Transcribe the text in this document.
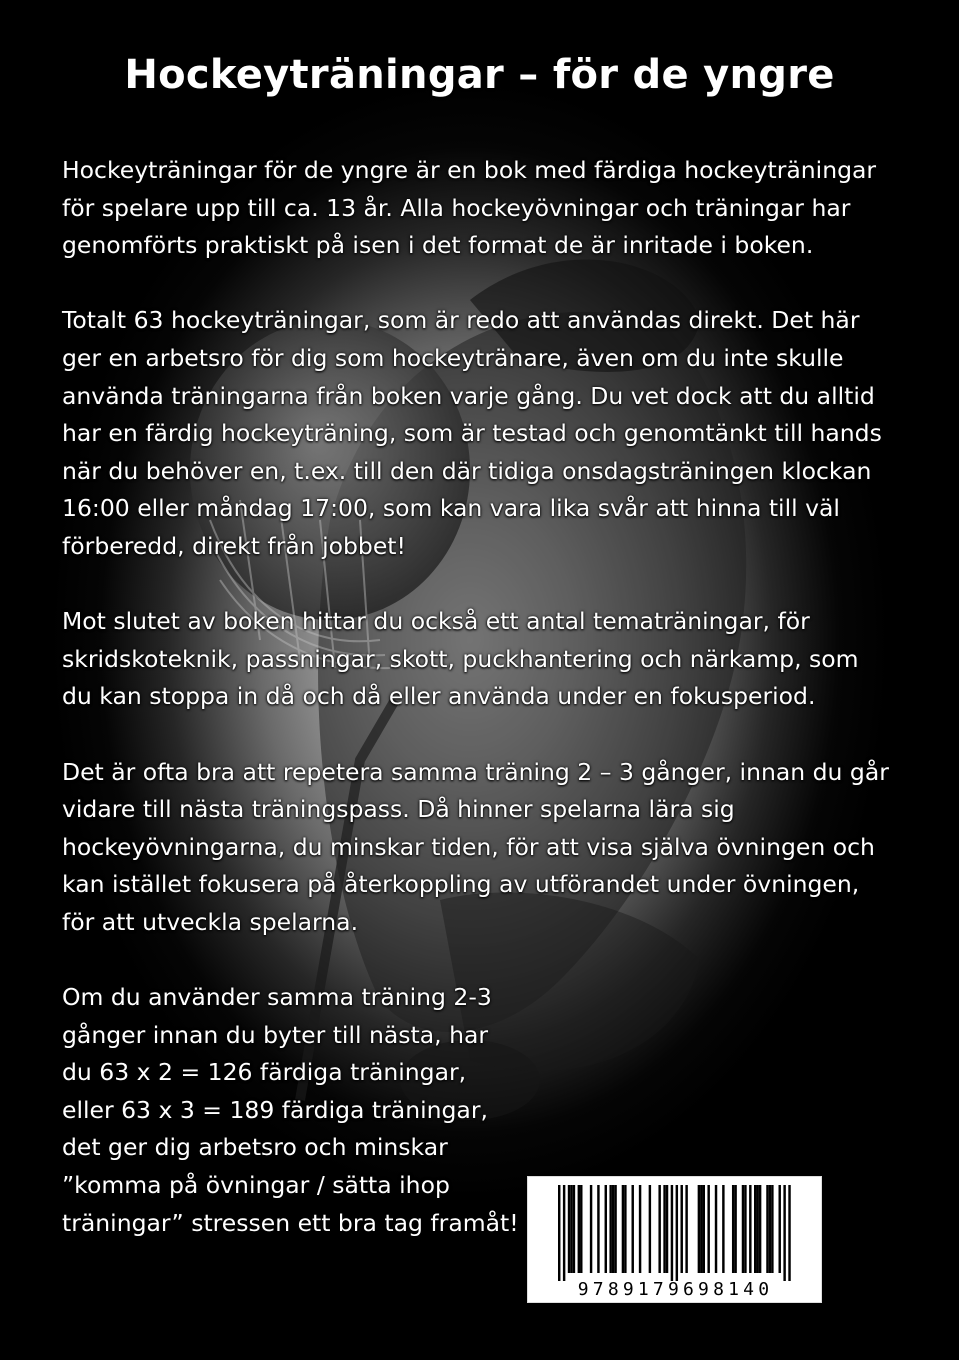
Hockeyträningar – för de yngre

Hockeyträningar för de yngre är en bok med färdiga hockeyträningar för spelare upp till ca. 13 år. Alla hockeyövningar och träningar har genomförts praktiskt på isen i det format de är inritade i boken.

Totalt 63 hockeyträningar, som är redo att användas direkt. Det här ger en arbetsro för dig som hockeytränare, även om du inte skulle använda träningarna från boken varje gång. Du vet dock att du alltid har en färdig hockeyträning, som är testad och genomtänkt till hands när du behöver en, t.ex. till den där tidiga onsdagsträningen klockan 16:00 eller måndag 17:00, som kan vara lika svår att hinna till väl förberedd, direkt från jobbet!

Mot slutet av boken hittar du också ett antal tematräningar, för skridskoteknik, passningar, skott, puckhantering och närkamp, som du kan stoppa in då och då eller använda under en fokusperiod.

Det är ofta bra att repetera samma träning 2 – 3 gånger, innan du går vidare till nästa träningspass. Då hinner spelarna lära sig hockeyövningarna, du minskar tiden, för att visa själva övningen och kan istället fokusera på återkoppling av utförandet under övningen, för att utveckla spelarna.

Om du använder samma träning 2-3 gånger innan du byter till nästa, har du 63 x 2 = 126 färdiga träningar, eller 63 x 3 = 189 färdiga träningar, det ger dig arbetsro och minskar ”komma på övningar / sätta ihop träningar” stressen ett bra tag framåt!

9789179698140
